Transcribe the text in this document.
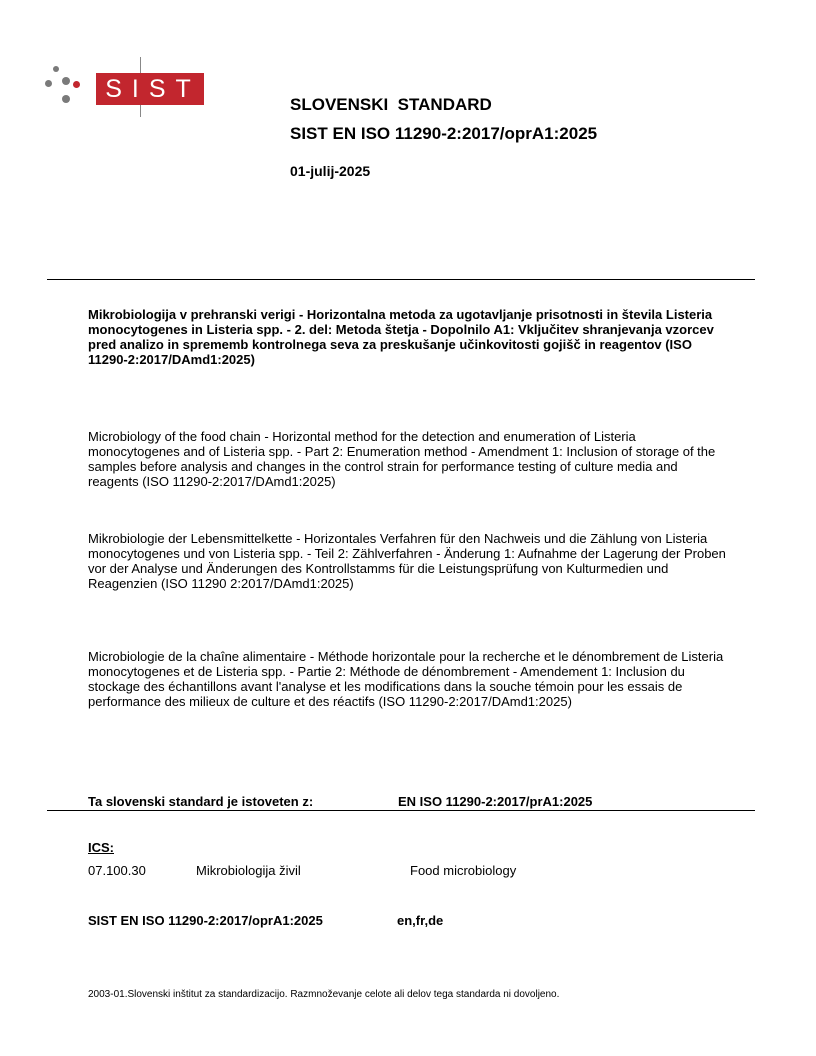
SIST
SLOVENSKI  STANDARD
SIST EN ISO 11290-2:2017/oprA1:2025
01-julij-2025
Mikrobiologija v prehranski verigi - Horizontalna metoda za ugotavljanje prisotnosti in števila Listeria monocytogenes in Listeria spp. - 2. del: Metoda štetja - Dopolnilo A1: Vključitev shranjevanja vzorcev pred analizo in sprememb kontrolnega seva za preskušanje učinkovitosti gojišč in reagentov (ISO 11290-2:2017/DAmd1:2025)
Microbiology of the food chain - Horizontal method for the detection and enumeration of Listeria monocytogenes and of Listeria spp. - Part 2: Enumeration method - Amendment 1: Inclusion of storage of the samples before analysis and changes in the control strain for performance testing of culture media and reagents (ISO 11290-2:2017/DAmd1:2025)
Mikrobiologie der Lebensmittelkette - Horizontales Verfahren für den Nachweis und die Zählung von Listeria monocytogenes und von Listeria spp. - Teil 2: Zählverfahren - Änderung 1: Aufnahme der Lagerung der Proben vor der Analyse und Änderungen des Kontrollstamms für die Leistungsprüfung von Kulturmedien und Reagenzien (ISO 11290 2:2017/DAmd1:2025)
Microbiologie de la chaîne alimentaire - Méthode horizontale pour la recherche et le dénombrement de Listeria monocytogenes et de Listeria spp. - Partie 2: Méthode de dénombrement - Amendement 1: Inclusion du stockage des échantillons avant l'analyse et les modifications dans la souche témoin pour les essais de performance des milieux de culture et des réactifs (ISO 11290-2:2017/DAmd1:2025)
Ta slovenski standard je istoveten z:	EN ISO 11290-2:2017/prA1:2025
ICS:
07.100.30	Mikrobiologija živil	Food microbiology
SIST EN ISO 11290-2:2017/oprA1:2025	en,fr,de
2003-01.Slovenski inštitut za standardizacijo. Razmnoževanje celote ali delov tega standarda ni dovoljeno.
